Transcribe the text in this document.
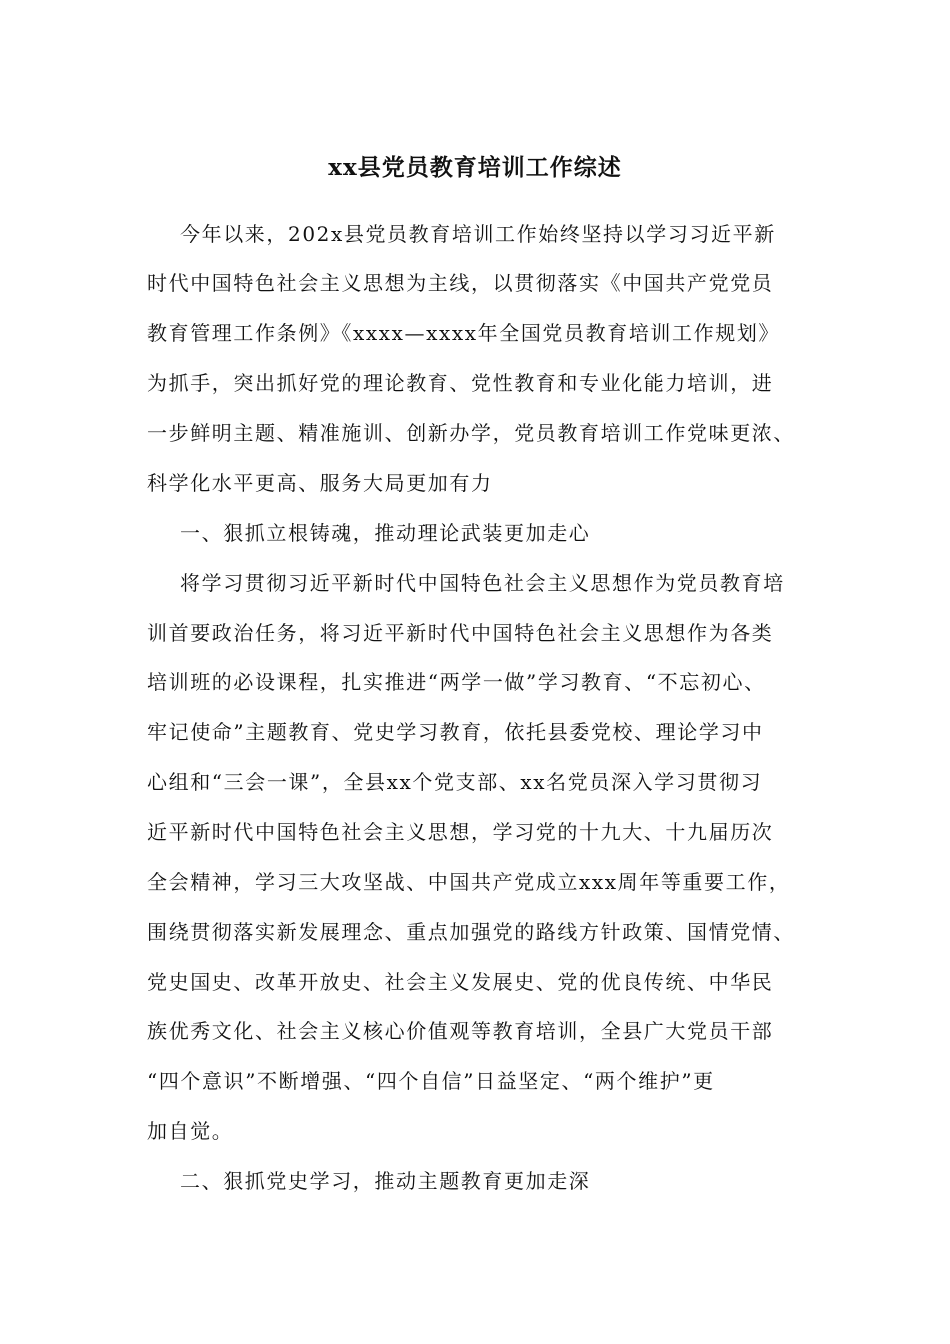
xx县党员教育培训工作综述
今年以来，202x县党员教育培训工作始终坚持以学习习近平新
时代中国特色社会主义思想为主线，以贯彻落实《中国共产党党员
教育管理工作条例》《xxxx—xxxx年全国党员教育培训工作规划》
为抓手，突出抓好党的理论教育、党性教育和专业化能力培训，进
一步鲜明主题、精准施训、创新办学，党员教育培训工作党味更浓、
科学化水平更高、服务大局更加有力
一、狠抓立根铸魂，推动理论武装更加走心
将学习贯彻习近平新时代中国特色社会主义思想作为党员教育培
训首要政治任务，将习近平新时代中国特色社会主义思想作为各类
培训班的必设课程，扎实推进“两学一做”学习教育、“不忘初心、
牢记使命”主题教育、党史学习教育，依托县委党校、理论学习中
心组和“三会一课”，全县xx个党支部、xx名党员深入学习贯彻习
近平新时代中国特色社会主义思想，学习党的十九大、十九届历次
全会精神，学习三大攻坚战、中国共产党成立xxx周年等重要工作，
围绕贯彻落实新发展理念、重点加强党的路线方针政策、国情党情、
党史国史、改革开放史、社会主义发展史、党的优良传统、中华民
族优秀文化、社会主义核心价值观等教育培训，全县广大党员干部
“四个意识”不断增强、“四个自信”日益坚定、“两个维护”更
加自觉。
二、狠抓党史学习，推动主题教育更加走深
